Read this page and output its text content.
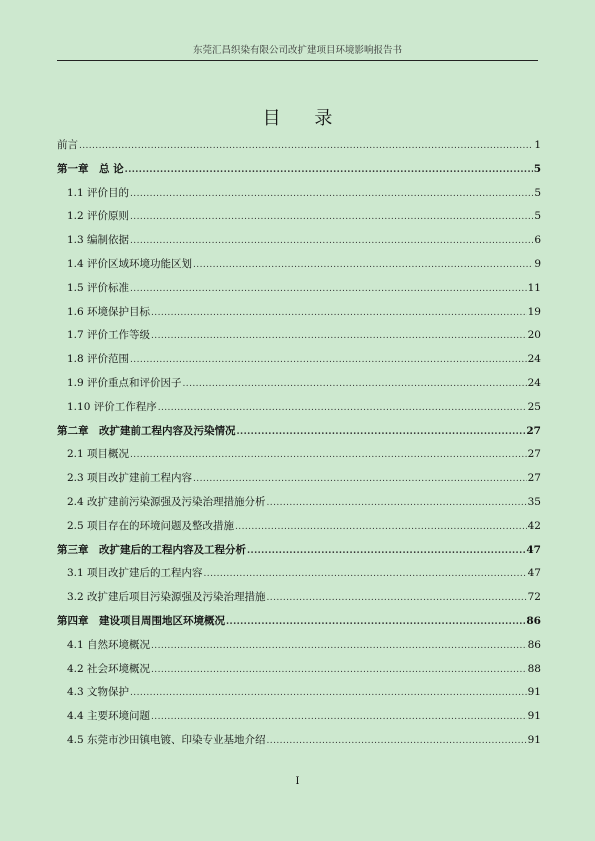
东莞汇昌织染有限公司改扩建项目环境影响报告书
目 录
前言 .....	1
第一章　总 论 .....	5
1.1 评价目的 .....	5
1.2 评价原则 .....	5
1.3 编制依据 .....	6
1.4 评价区域环境功能区划 .....	9
1.5 评价标准 .....	11
1.6 环境保护目标 .....	19
1.7 评价工作等级 .....	20
1.8 评价范围 .....	24
1.9 评价重点和评价因子 .....	24
1.10 评价工作程序 .....	25
第二章　改扩建前工程内容及污染情况 .....	27
2.1 项目概况 .....	27
2.3 项目改扩建前工程内容 .....	27
2.4 改扩建前污染源强及污染治理措施分析 .....	35
2.5 项目存在的环境问题及整改措施 .....	42
第三章　改扩建后的工程内容及工程分析 .....	47
3.1 项目改扩建后的工程内容 .....	47
3.2 改扩建后项目污染源强及污染治理措施 .....	72
第四章　建设项目周围地区环境概况 .....	86
4.1 自然环境概况 .....	86
4.2 社会环境概况 .....	88
4.3 文物保护 .....	91
4.4 主要环境问题 .....	91
4.5 东莞市沙田镇电镀、印染专业基地介绍 .....	91
I
